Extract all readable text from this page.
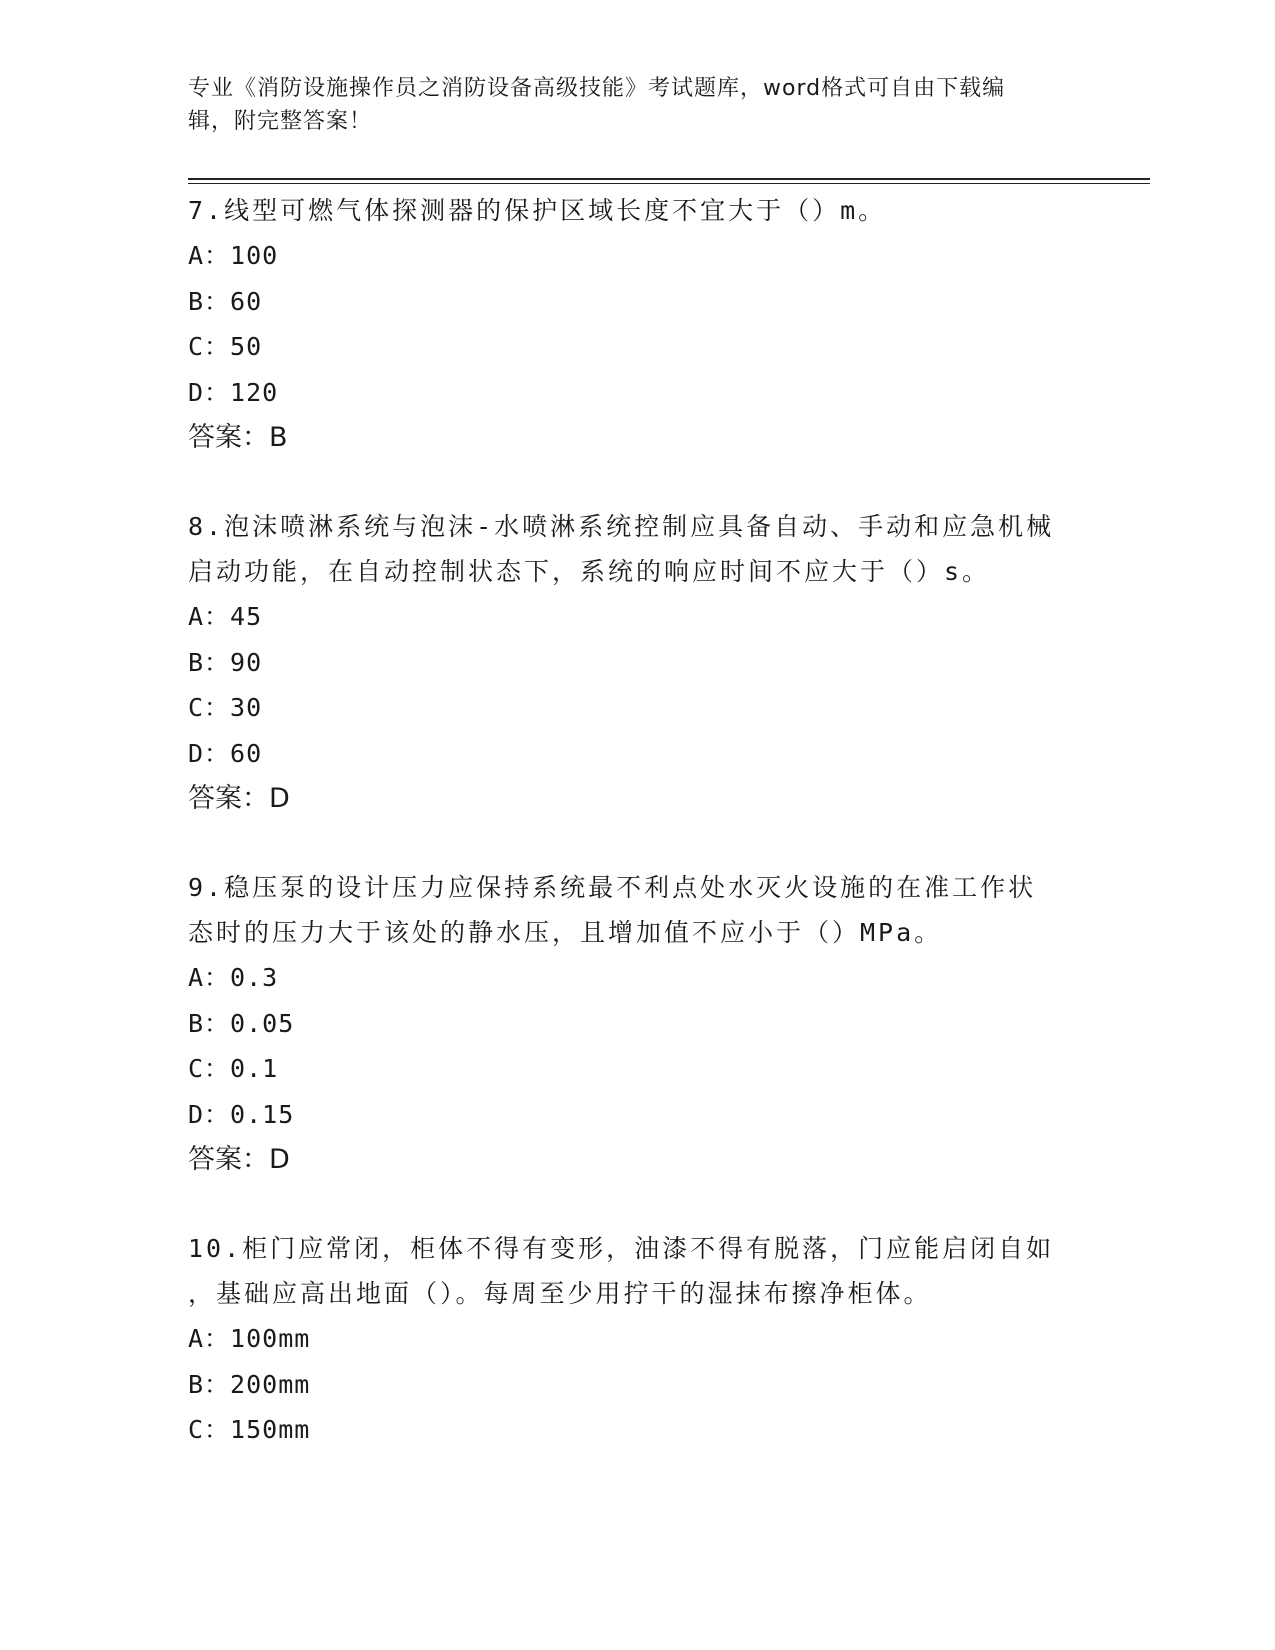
专业《消防设施操作员之消防设备高级技能》考试题库，word格式可自由下载编
辑，附完整答案！

7.线型可燃气体探测器的保护区域长度不宜大于（）m。

A：100

B：60

C：50

D：120

答案：B

8.泡沫喷淋系统与泡沫-水喷淋系统控制应具备自动、手动和应急机械

启动功能，在自动控制状态下，系统的响应时间不应大于（）s。

A：45

B：90

C：30

D：60

答案：D

9.稳压泵的设计压力应保持系统最不利点处水灭火设施的在准工作状

态时的压力大于该处的静水压，且增加值不应小于（）MPa。

A：0.3

B：0.05

C：0.1

D：0.15

答案：D

10.柜门应常闭，柜体不得有变形，油漆不得有脱落，门应能启闭自如

，基础应高出地面（）。每周至少用拧干的湿抹布擦净柜体。

A：100mm

B：200mm

C：150mm
